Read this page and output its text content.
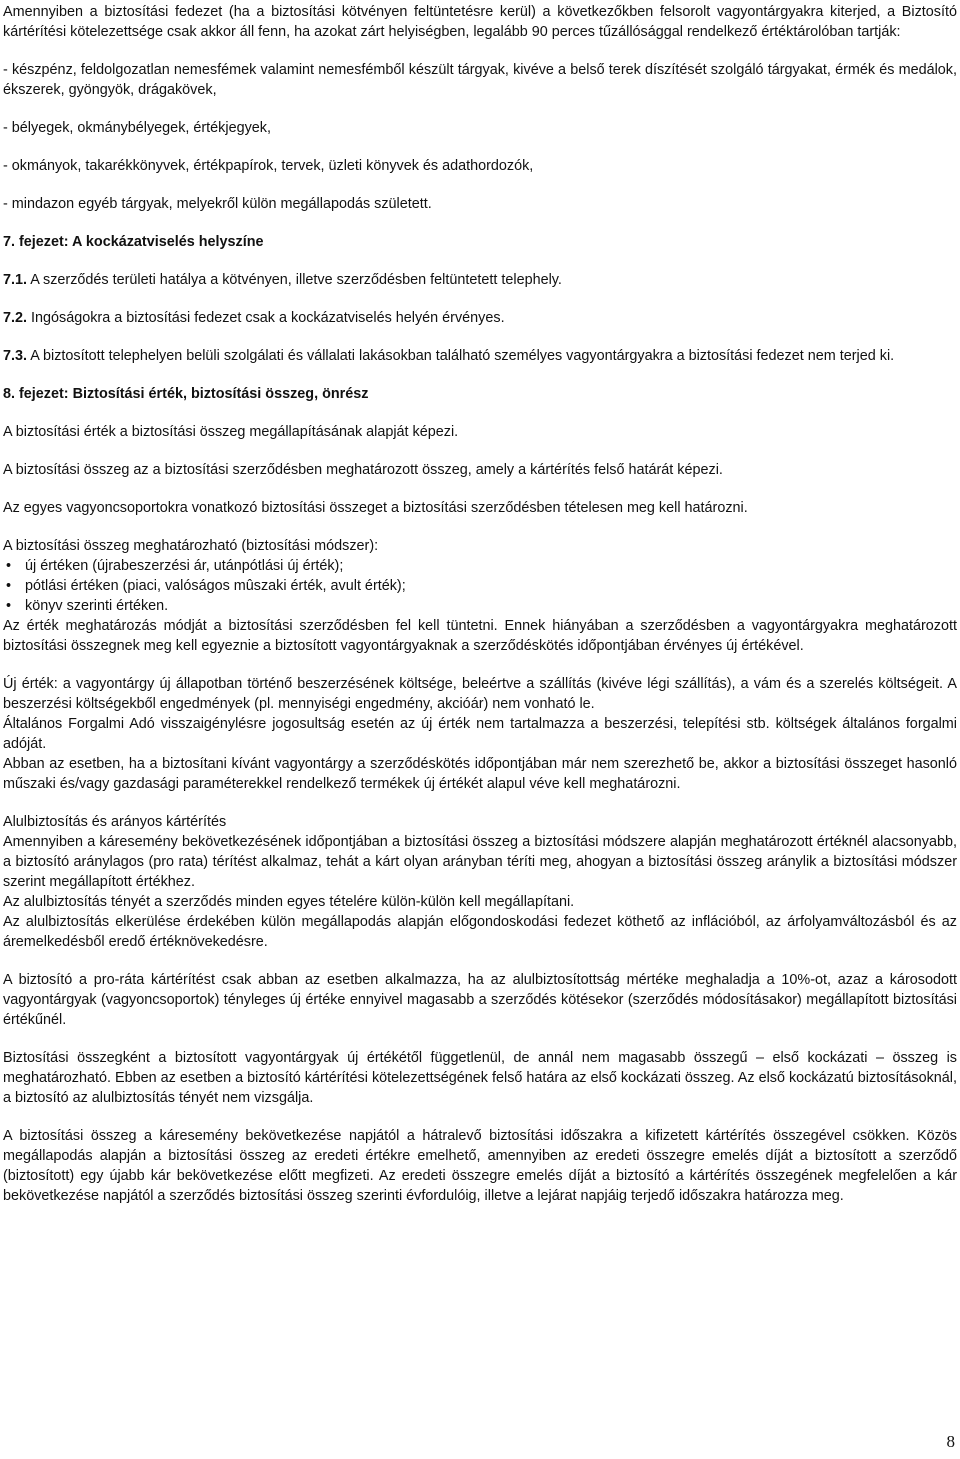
Amennyiben a biztosítási fedezet (ha a biztosítási kötvényen feltüntetésre kerül) a következőkben felsorolt vagyontárgyakra kiterjed, a Biztosító kártérítési kötelezettsége csak akkor áll fenn, ha azokat zárt helyiségben, legalább 90 perces tűzállósággal rendelkező értéktárolóban tartják:

- készpénz, feldolgozatlan nemesfémek valamint nemesfémből készült tárgyak, kivéve a belső terek díszítését szolgáló tárgyakat, érmék és medálok, ékszerek, gyöngyök, drágakövek,

- bélyegek, okmánybélyegek, értékjegyek,

- okmányok, takarékkönyvek, értékpapírok, tervek, üzleti könyvek és adathordozók,

- mindazon egyéb tárgyak, melyekről külön megállapodás született.

7. fejezet: A kockázatviselés helyszíne

7.1. A szerződés területi hatálya a kötvényen, illetve szerződésben feltüntetett telephely.

7.2. Ingóságokra a biztosítási fedezet csak a kockázatviselés helyén érvényes.

7.3. A biztosított telephelyen belüli szolgálati és vállalati lakásokban található személyes vagyontárgyakra a biztosítási fedezet nem terjed ki.

8. fejezet: Biztosítási érték, biztosítási összeg, önrész

A biztosítási érték a biztosítási összeg megállapításának alapját képezi.

A biztosítási összeg az a biztosítási szerződésben meghatározott összeg, amely a kártérítés felső határát képezi.

Az egyes vagyoncsoportokra vonatkozó biztosítási összeget a biztosítási szerződésben tételesen meg kell határozni.

A biztosítási összeg meghatározható (biztosítási módszer):

• új értéken (újrabeszerzési ár, utánpótlási új érték);
• pótlási értéken (piaci, valóságos mûszaki érték, avult érték);
• könyv szerinti értéken.

Az érték meghatározás módját a biztosítási szerződésben fel kell tüntetni. Ennek hiányában a szerződésben a vagyontárgyakra meghatározott biztosítási összegnek meg kell egyeznie a biztosított vagyontárgyaknak a szerződéskötés időpontjában érvényes új értékével.

Új érték: a vagyontárgy új állapotban történő beszerzésének költsége, beleértve a szállítás (kivéve légi szállítás), a vám és a szerelés költségeit. A beszerzési költségekből engedmények (pl. mennyiségi engedmény, akcióár) nem vonható le.

Általános Forgalmi Adó visszaigénylésre jogosultság esetén az új érték nem tartalmazza a beszerzési, telepítési stb. költségek általános forgalmi adóját.

Abban az esetben, ha a biztosítani kívánt vagyontárgy a szerződéskötés időpontjában már nem szerezhető be, akkor a biztosítási összeget hasonló műszaki és/vagy gazdasági paraméterekkel rendelkező termékek új értékét alapul véve kell meghatározni.

Alulbiztosítás és arányos kártérítés

Amennyiben a káresemény bekövetkezésének időpontjában a biztosítási összeg a biztosítási módszere alapján meghatározott értéknél alacsonyabb, a biztosító aránylagos (pro rata) térítést alkalmaz, tehát a kárt olyan arányban téríti meg, ahogyan a biztosítási összeg aránylik a biztosítási módszer szerint megállapított értékhez.

Az alulbiztosítás tényét a szerződés minden egyes tételére külön-külön kell megállapítani.

Az alulbiztosítás elkerülése érdekében külön megállapodás alapján előgondoskodási fedezet köthető az inflációból, az árfolyamváltozásból és az áremelkedésből eredő értéknövekedésre.

A biztosító a pro-ráta kártérítést csak abban az esetben alkalmazza, ha az alulbiztosítottság mértéke meghaladja a 10%-ot, azaz a károsodott vagyontárgyak (vagyoncsoportok) tényleges új értéke ennyivel magasabb a szerződés kötésekor (szerződés módosításakor) megállapított biztosítási értékűnél.

Biztosítási összegként a biztosított vagyontárgyak új értékétől függetlenül, de annál nem magasabb összegű – első kockázati – összeg is meghatározható. Ebben az esetben a biztosító kártérítési kötelezettségének felső határa az első kockázati összeg. Az első kockázatú biztosításoknál, a biztosító az alulbiztosítás tényét nem vizsgálja.

A biztosítási összeg a káresemény bekövetkezése napjától a hátralevő biztosítási időszakra a kifizetett kártérítés összegével csökken. Közös megállapodás alapján a biztosítási összeg az eredeti értékre emelhető, amennyiben az eredeti összegre emelés díját a biztosított a szerződő (biztosított) egy újabb kár bekövetkezése előtt megfizeti. Az eredeti összegre emelés díját a biztosító a kártérítés összegének megfelelően a kár bekövetkezése napjától a szerződés biztosítási összeg szerinti évfordulóig, illetve a lejárat napjáig terjedő időszakra határozza meg.

8
